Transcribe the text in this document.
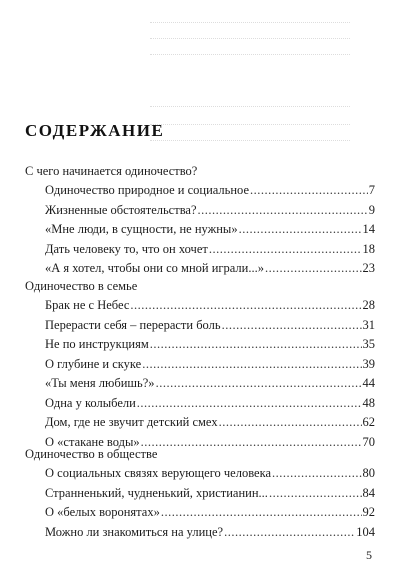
СОДЕРЖАНИЕ
С чего начинается одиночество?
Одиночество природное и социальное .....	7
Жизненные обстоятельства? .....	9
«Мне люди, в сущности, не нужны» .....	14
Дать человеку то, что он хочет .....	18
«А я хотел, чтобы они со мной играли...» .....	23
Одиночество в семье
Брак не с Небес .....	28
Перерасти себя – перерасти боль .....	31
Не по инструкциям .....	35
О глубине и скуке .....	39
«Ты меня любишь?» .....	44
Одна у колыбели .....	48
Дом, где не звучит детский смех .....	62
О «стакане воды» .....	70
Одиночество в обществе
О социальных связях верующего человека .....	80
Странненький, чудненький, христианин... .....	84
О «белых воронятах» .....	92
Можно ли знакомиться на улице? .....	104
5
